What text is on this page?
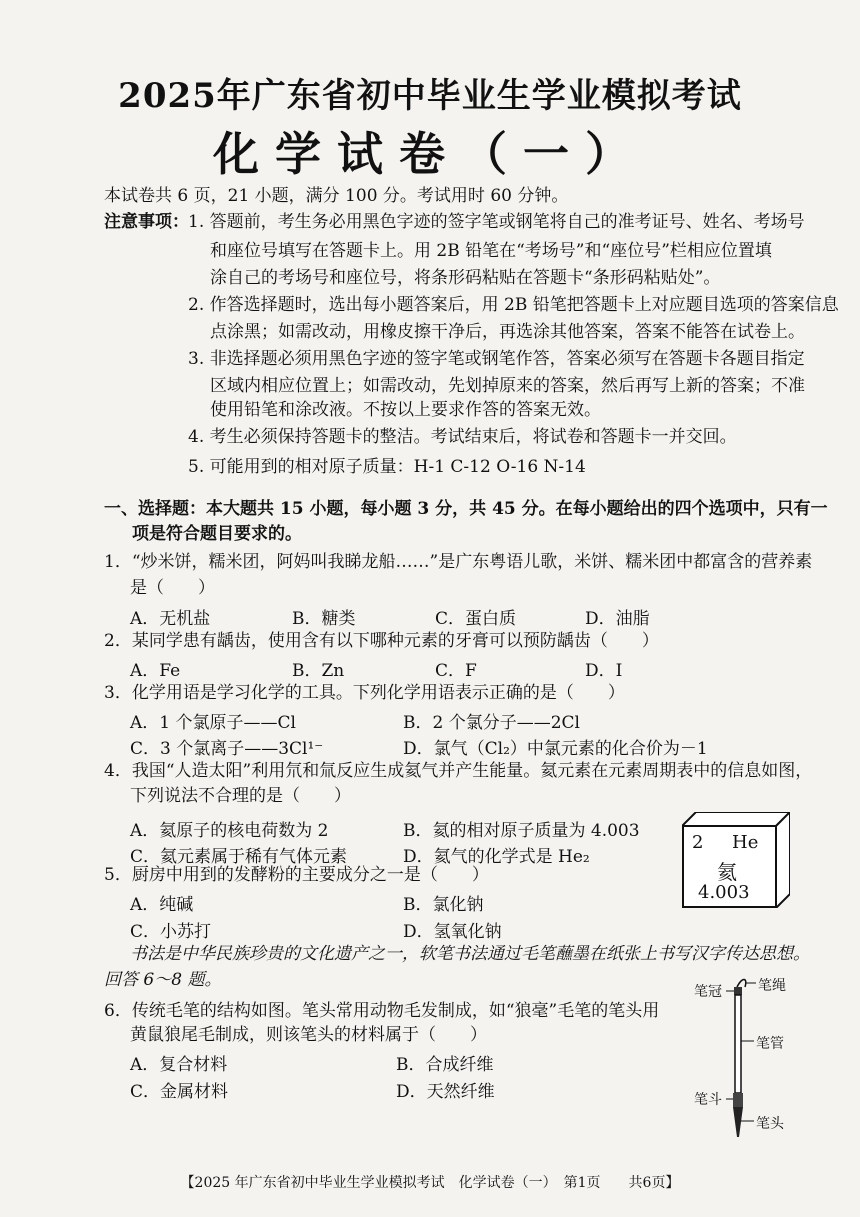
2025年广东省初中毕业生学业模拟考试
化学试卷（一）
本试卷共 6 页，21 小题，满分 100 分。考试用时 60 分钟。
注意事项： 1. 答题前，考生务必用黑色字迹的签字笔或钢笔将自己的准考证号、姓名、考场号
和座位号填写在答题卡上。用 2B 铅笔在“考场号”和“座位号”栏相应位置填
涂自己的考场号和座位号，将条形码粘贴在答题卡“条形码粘贴处”。
2. 作答选择题时，选出每小题答案后，用 2B 铅笔把答题卡上对应题目选项的答案信息
点涂黑；如需改动，用橡皮擦干净后，再选涂其他答案，答案不能答在试卷上。
3. 非选择题必须用黑色字迹的签字笔或钢笔作答，答案必须写在答题卡各题目指定
区域内相应位置上；如需改动，先划掉原来的答案，然后再写上新的答案；不准
使用铅笔和涂改液。不按以上要求作答的答案无效。
4. 考生必须保持答题卡的整洁。考试结束后，将试卷和答题卡一并交回。
5. 可能用到的相对原子质量：H-1 C-12 O-16 N-14
一、选择题：本大题共 15 小题，每小题 3 分，共 45 分。在每小题给出的四个选项中，只有一
项是符合题目要求的。
1．“炒米饼，糯米团，阿妈叫我睇龙船……”是广东粤语儿歌，米饼、糯米团中都富含的营养素
是（　　）
A．无机盐	B．糖类	C．蛋白质	D．油脂
2．某同学患有龋齿，使用含有以下哪种元素的牙膏可以预防龋齿（　　）
A．Fe	B．Zn	C．F	D．I
3．化学用语是学习化学的工具。下列化学用语表示正确的是（　　）
A．1 个氯原子——Cl	B．2 个氯分子——2Cl
C．3 个氯离子——3Cl¹⁻	D．氯气（Cl₂）中氯元素的化合价为－1
4．我国“人造太阳”利用氘和氚反应生成氦气并产生能量。氦元素在元素周期表中的信息如图，
下列说法不合理的是（　　）
A．氦原子的核电荷数为 2	B．氦的相对原子质量为 4.003
C．氦元素属于稀有气体元素	D．氦气的化学式是 He₂
2 He
氦
4.003
5．厨房中用到的发酵粉的主要成分之一是（　　）
A．纯碱	B．氯化钠
C．小苏打	D．氢氧化钠
书法是中华民族珍贵的文化遗产之一，软笔书法通过毛笔蘸墨在纸张上书写汉字传达思想。
回答 6～8 题。
6．传统毛笔的结构如图。笔头常用动物毛发制成，如“狼毫”毛笔的笔头用
黄鼠狼尾毛制成，则该笔头的材料属于（　　）
A．复合材料	B．合成纤维
C．金属材料	D．天然纤维
笔冠	笔绳
笔管
笔斗
笔头
【2025 年广东省初中毕业生学业模拟考试　化学试卷（一）　第1页　　共6页】
